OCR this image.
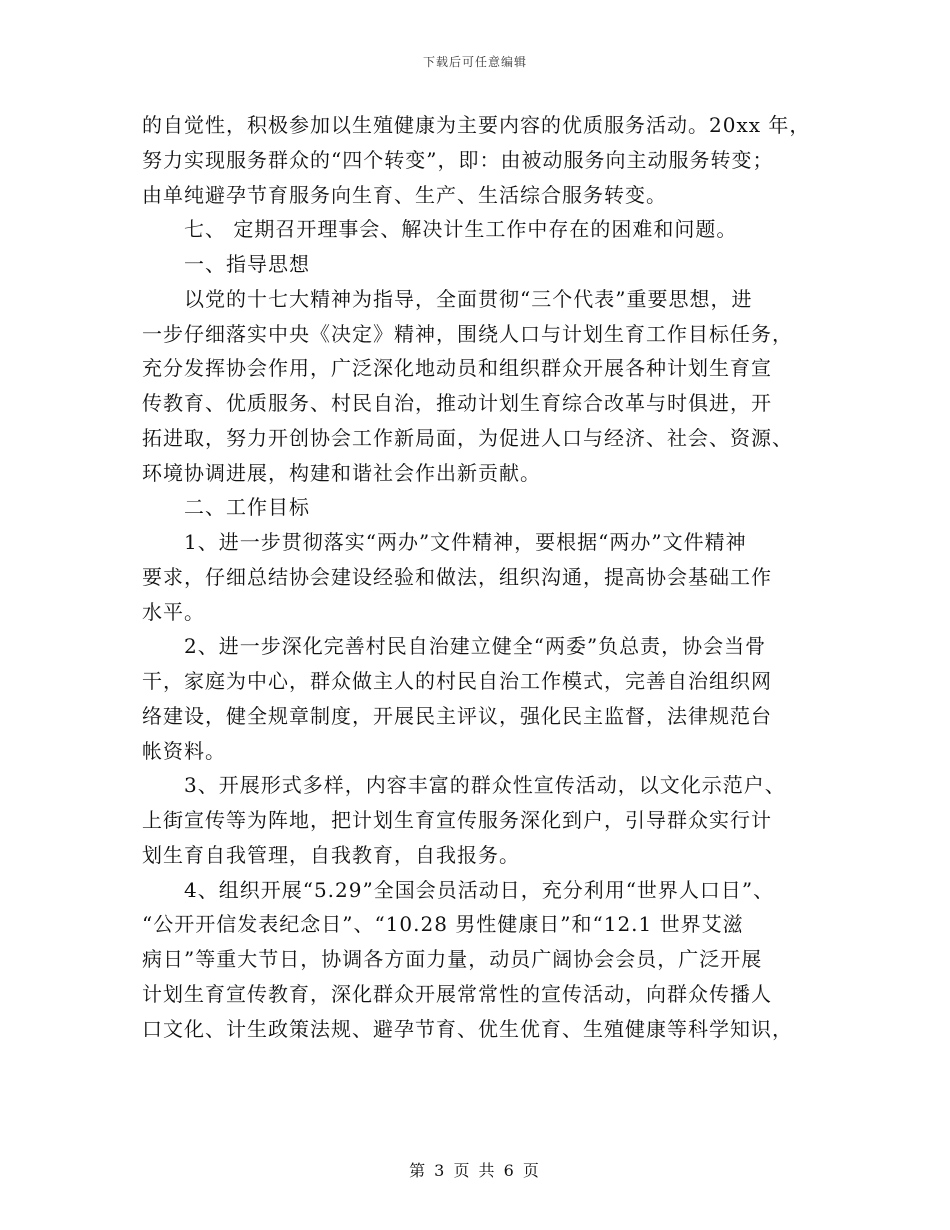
下载后可任意编辑
的自觉性，积极参加以生殖健康为主要内容的优质服务活动。20xx 年，
努力实现服务群众的“四个转变”，即：由被动服务向主动服务转变；
由单纯避孕节育服务向生育、生产、生活综合服务转变。
七、 定期召开理事会、解决计生工作中存在的困难和问题。
一、指导思想
以党的十七大精神为指导，全面贯彻“三个代表”重要思想，进
一步仔细落实中央《决定》精神，围绕人口与计划生育工作目标任务，
充分发挥协会作用，广泛深化地动员和组织群众开展各种计划生育宣
传教育、优质服务、村民自治，推动计划生育综合改革与时俱进，开
拓进取，努力开创协会工作新局面，为促进人口与经济、社会、资源、
环境协调进展，构建和谐社会作出新贡献。
二、工作目标
1、进一步贯彻落实“两办”文件精神，要根据“两办”文件精神
要求，仔细总结协会建设经验和做法，组织沟通，提高协会基础工作
水平。
2、进一步深化完善村民自治建立健全“两委”负总责，协会当骨
干，家庭为中心，群众做主人的村民自治工作模式，完善自治组织网
络建设，健全规章制度，开展民主评议，强化民主监督，法律规范台
帐资料。
3、开展形式多样，内容丰富的群众性宣传活动，以文化示范户、
上街宣传等为阵地，把计划生育宣传服务深化到户，引导群众实行计
划生育自我管理，自我教育，自我报务。
4、组织开展“5.29”全国会员活动日，充分利用“世界人口日”、
“公开开信发表纪念日”、“10.28 男性健康日”和“12.1 世界艾滋
病日”等重大节日，协调各方面力量，动员广阔协会会员，广泛开展
计划生育宣传教育，深化群众开展常常性的宣传活动，向群众传播人
口文化、计生政策法规、避孕节育、优生优育、生殖健康等科学知识，
第 3 页 共 6 页
